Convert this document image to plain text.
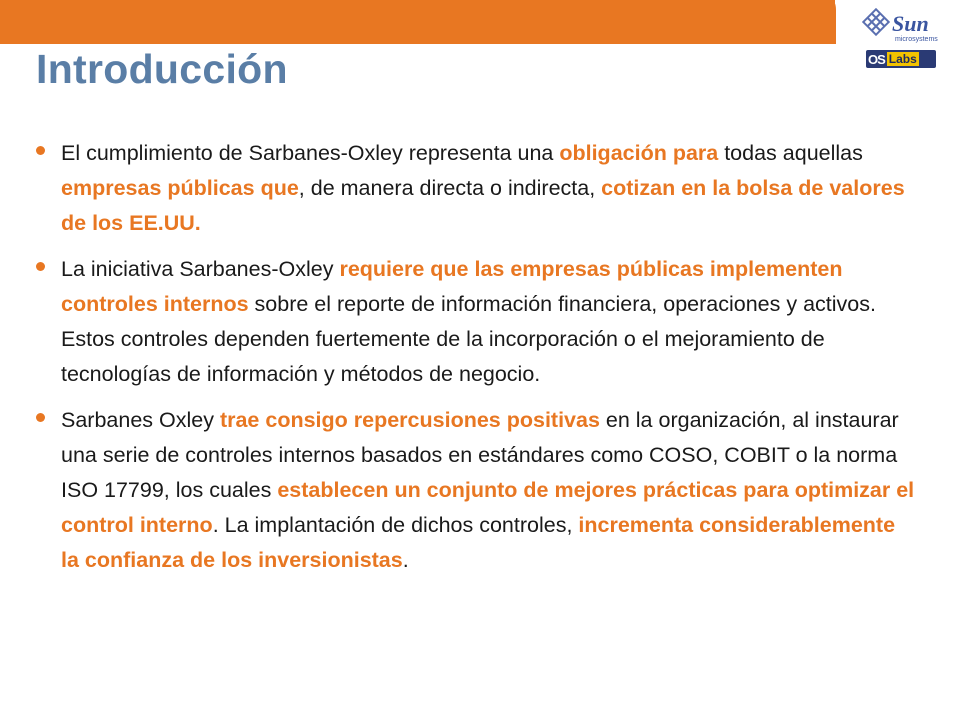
Sun
microsystems
OS Labs
Introducción
El cumplimiento de Sarbanes-Oxley representa una obligación para todas aquellas empresas públicas que, de manera directa o indirecta, cotizan en la bolsa de valores de los EE.UU.
La iniciativa Sarbanes-Oxley requiere que las empresas públicas implementen controles internos sobre el reporte de información financiera, operaciones y activos. Estos controles dependen fuertemente de la incorporación o el mejoramiento de tecnologías de información y métodos de negocio.
Sarbanes Oxley trae consigo repercusiones positivas en la organización, al instaurar una serie de controles internos basados en estándares como COSO, COBIT o la norma ISO 17799, los cuales establecen un conjunto de mejores prácticas para optimizar el control interno. La implantación de dichos controles, incrementa considerablemente la confianza de los inversionistas.
